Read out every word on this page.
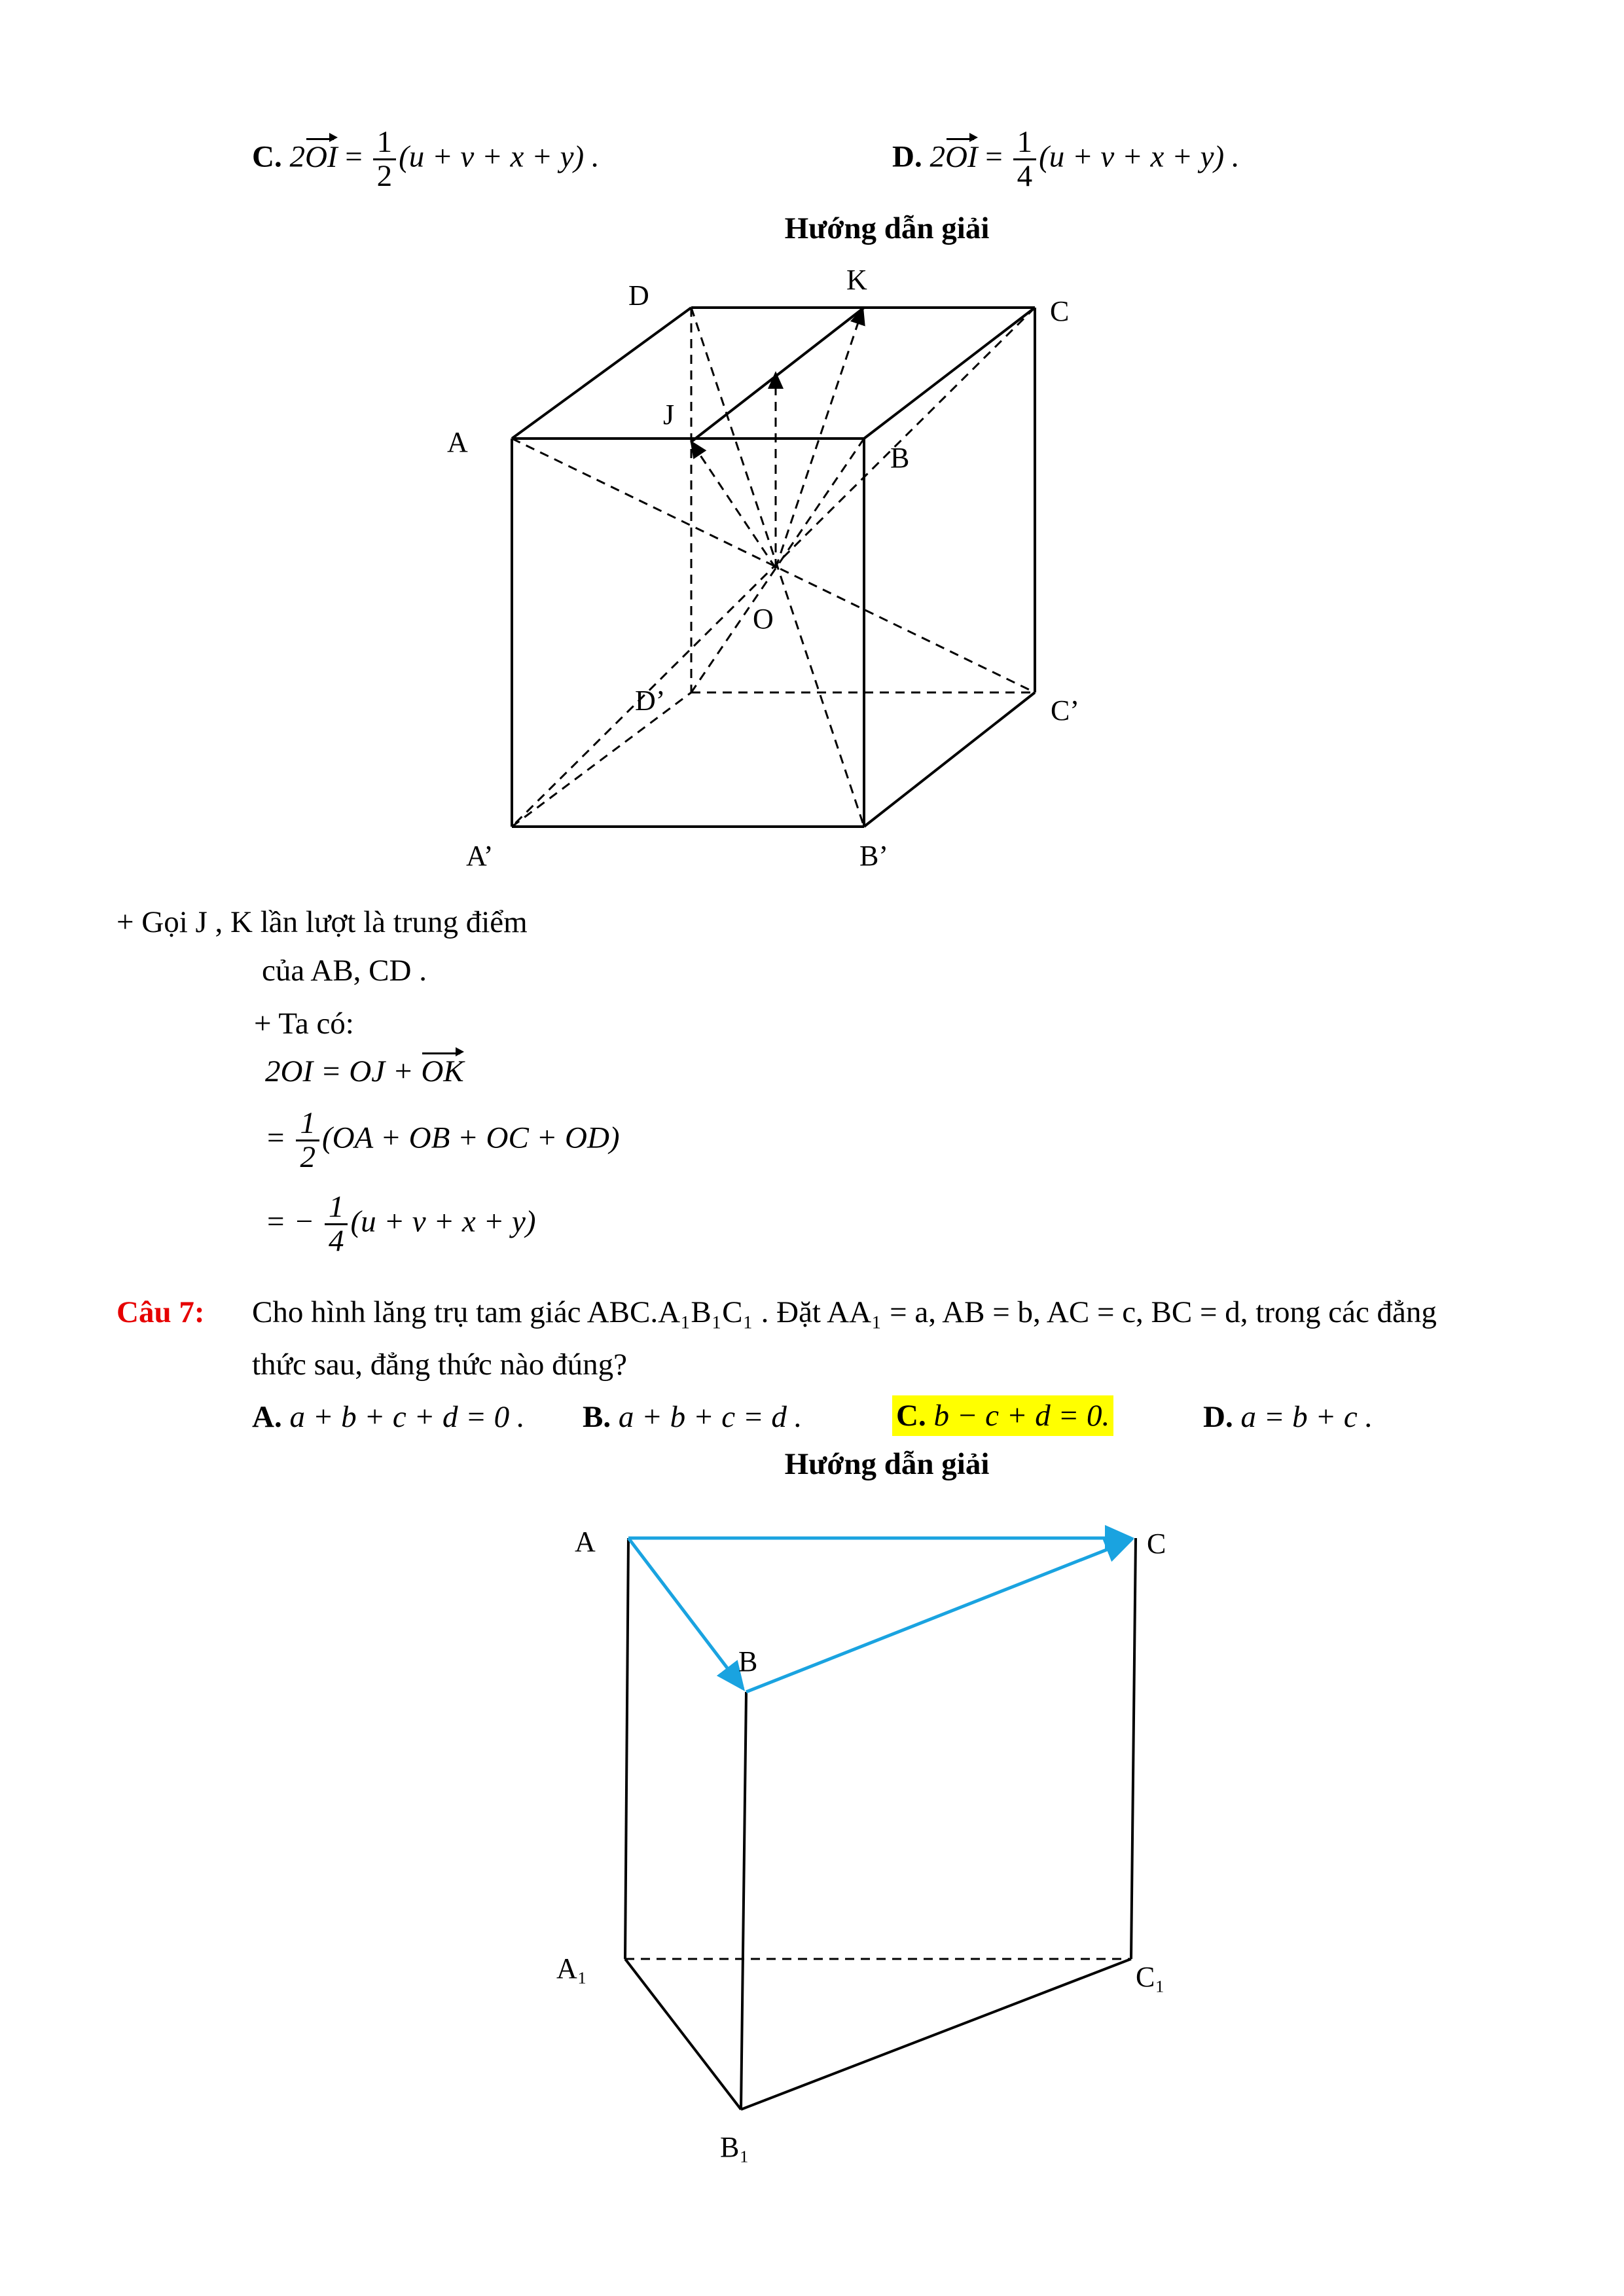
C. $2OI = \frac{1}{2} (u + v + x + y)$ .	D. $2OI = \frac{1}{4} (u + v + x + y)$ .
Hướng dẫn giải
D	K
C
A
J
B
O
D’	C’
A’	B’
+ Gọi J , K lần lượt là trung điểm
của AB, CD .
+ Ta có:
2OI = OJ + OK
= $\frac{1}{2} (OA$ + OB + OC + OD)
= − $\frac{1}{4} (u + v + x + y)$
Câu 7: Cho hình lăng trụ tam giác ABC.A₁B₁C₁ . Đặt AA₁ = a, AB = b, AC = c, BC = d, trong các đẳng
thức sau, đẳng thức nào đúng?
A. a + b + c + d = 0 . B. a + b + c = d .	C. b − c + d = 0.	D. a = b + c .
Hướng dẫn giải
A	C
B
A₁	C₁
B₁
